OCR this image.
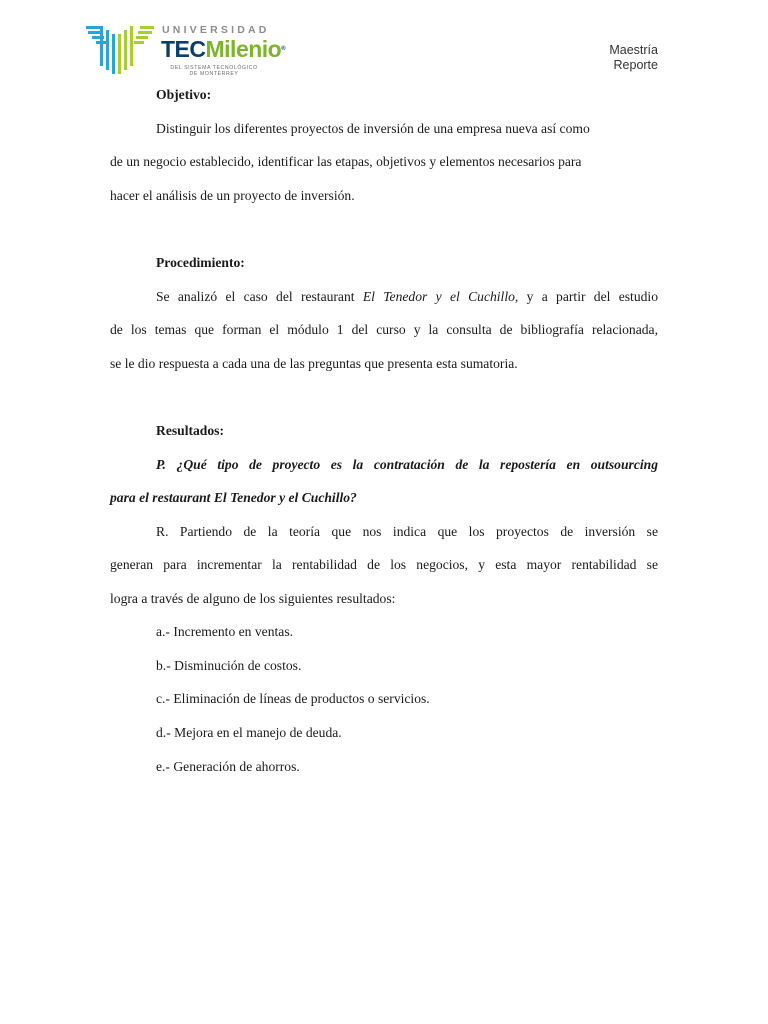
UNIVERSIDAD
TECMilenio®
DEL SISTEMA TECNOLÓGICO
DE MONTERREY
Maestría
Reporte
Objetivo:
Distinguir los diferentes proyectos de inversión de una empresa nueva así como
de un negocio establecido, identificar las etapas, objetivos y elementos necesarios para
hacer el análisis de un proyecto de inversión.
Procedimiento:
Se analizó el caso del restaurant El Tenedor y el Cuchillo, y a partir del estudio
de los temas que forman el módulo 1 del curso y la consulta de bibliografía relacionada,
se le dio respuesta a cada una de las preguntas que presenta esta sumatoria.
Resultados:
P. ¿Qué tipo de proyecto es la contratación de la repostería en outsourcing
para el restaurant El Tenedor y el Cuchillo?
R. Partiendo de la teoría que nos indica que los proyectos de inversión se
generan para incrementar la rentabilidad de los negocios, y esta mayor rentabilidad se
logra a través de alguno de los siguientes resultados:
a.- Incremento en ventas.
b.- Disminución de costos.
c.- Eliminación de líneas de productos o servicios.
d.- Mejora en el manejo de deuda.
e.- Generación de ahorros.
